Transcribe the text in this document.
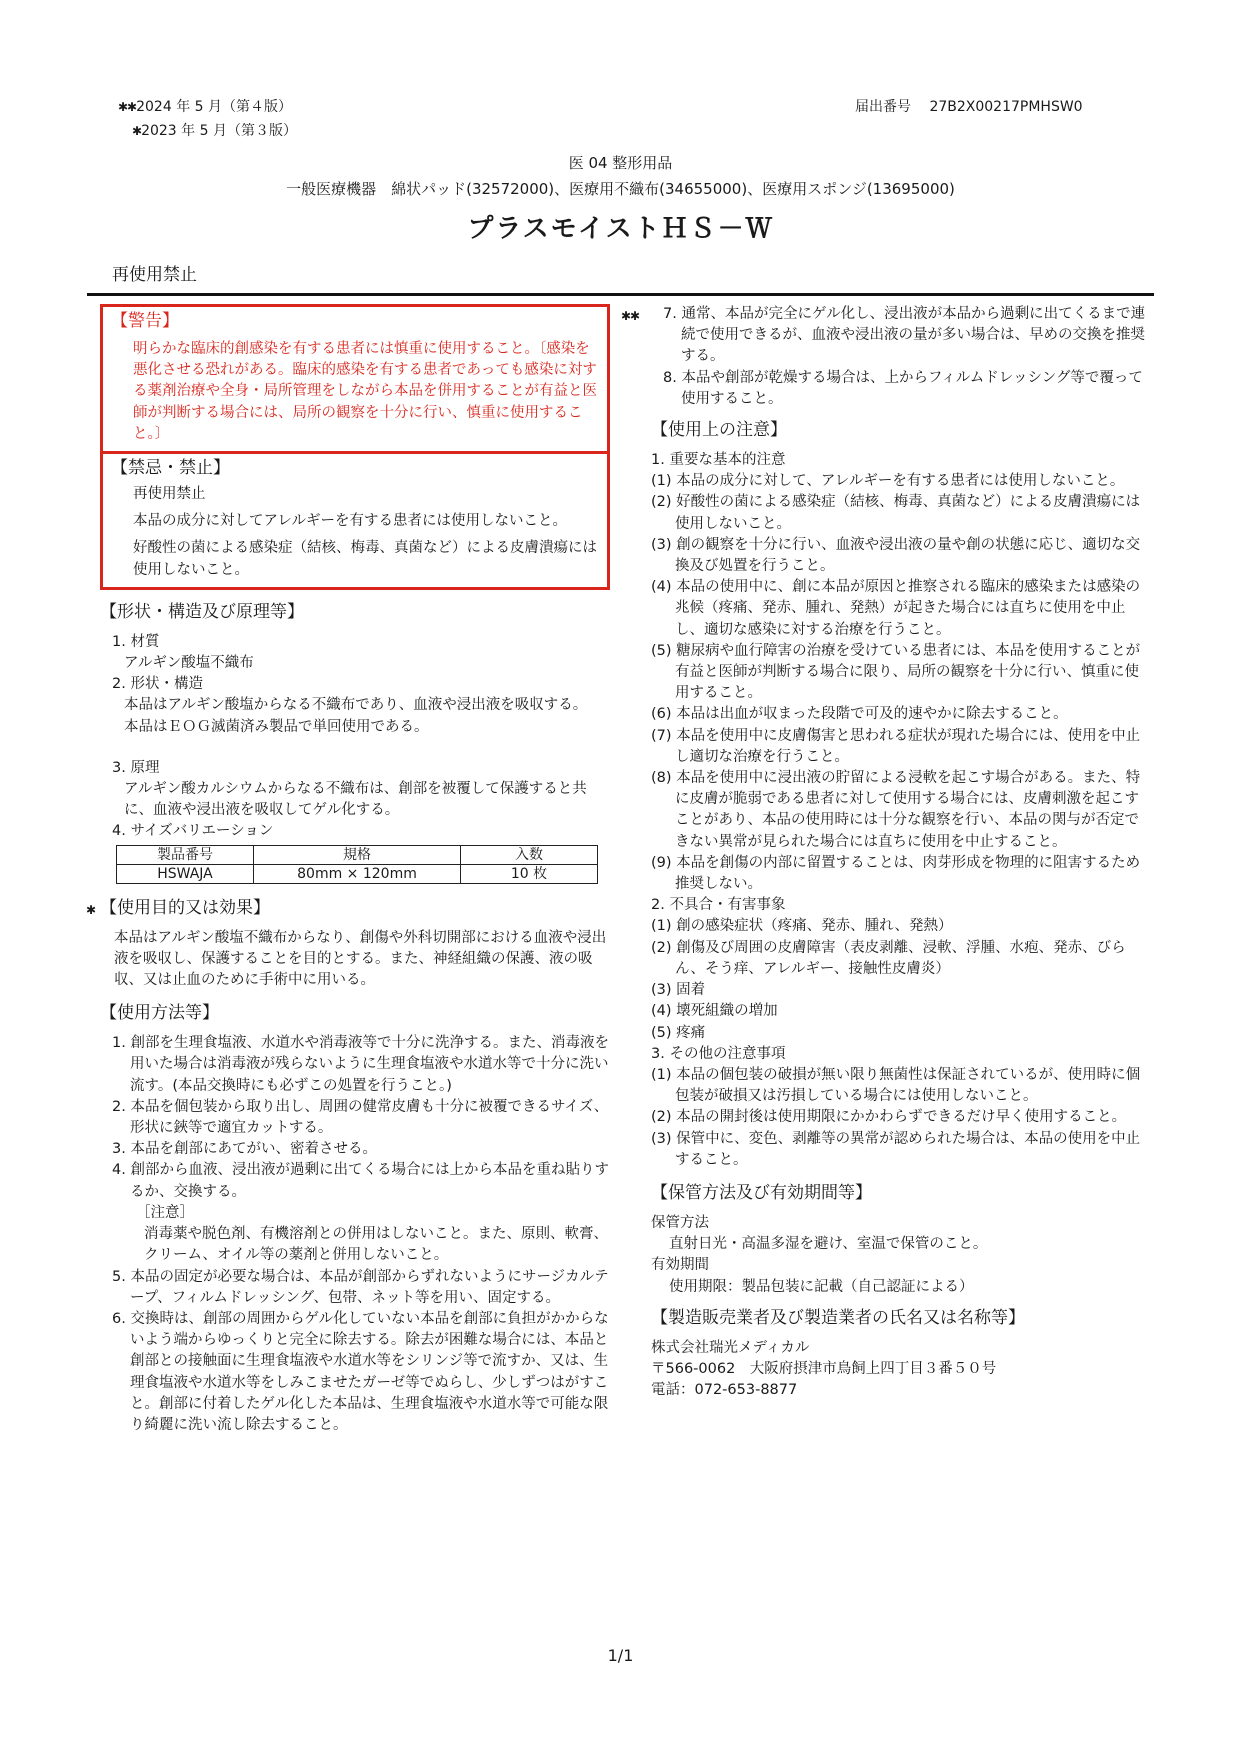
✱✱2024 年 5 月（第４版）
✱2023 年 5 月（第３版）
届出番号　 27B2X00217PMHSW0
医 04 整形用品
一般医療機器　綿状パッド(32572000)、医療用不織布(34655000)、医療用スポンジ(13695000)
プラスモイストＨＳ－Ｗ
再使用禁止
【警告】

明らかな臨床的創感染を有する患者には慎重に使用すること。〔感染を悪化させる恐れがある。臨床的感染を有する患者であっても感染に対する薬剤治療や全身・局所管理をしながら本品を併用することが有益と医師が判断する場合には、局所の観察を十分に行い、慎重に使用すること。〕

【禁忌・禁止】

再使用禁止

本品の成分に対してアレルギーを有する患者には使用しないこと。

好酸性の菌による感染症（結核、梅毒、真菌など）による皮膚潰瘍には使用しないこと。

【形状・構造及び原理等】

1. 材質

アルギン酸塩不織布

2. 形状・構造

本品はアルギン酸塩からなる不織布であり、血液や浸出液を吸収する。

本品はＥＯＧ滅菌済み製品で単回使用である。

3. 原理

アルギン酸カルシウムからなる不織布は、創部を被覆して保護すると共に、血液や浸出液を吸収してゲル化する。

4. サイズバリエーション

製品番号	規格	入数
HSWAJA	80mm × 120mm	10 枚
✱ 【使用目的又は効果】

本品はアルギン酸塩不織布からなり、創傷や外科切開部における血液や浸出液を吸収し、保護することを目的とする。また、神経組織の保護、液の吸収、又は止血のために手術中に用いる。

【使用方法等】

1. 創部を生理食塩液、水道水や消毒液等で十分に洗浄する。また、消毒液を用いた場合は消毒液が残らないように生理食塩液や水道水等で十分に洗い流す。(本品交換時にも必ずこの処置を行うこと。)

2. 本品を個包装から取り出し、周囲の健常皮膚も十分に被覆できるサイズ、形状に鋏等で適宜カットする。

3. 本品を創部にあてがい、密着させる。

4. 創部から血液、浸出液が過剰に出てくる場合には上から本品を重ね貼りするか、交換する。

［注意］

消毒薬や脱色剤、有機溶剤との併用はしないこと。また、原則、軟膏、クリーム、オイル等の薬剤と併用しないこと。

5. 本品の固定が必要な場合は、本品が創部からずれないようにサージカルテープ、フィルムドレッシング、包帯、ネット等を用い、固定する。

6. 交換時は、創部の周囲からゲル化していない本品を創部に負担がかからないよう端からゆっくりと完全に除去する。除去が困難な場合には、本品と創部との接触面に生理食塩液や水道水等をシリンジ等で流すか、又は、生理食塩液や水道水等をしみこませたガーゼ等でぬらし、少しずつはがすこと。創部に付着したゲル化した本品は、生理食塩液や水道水等で可能な限り綺麗に洗い流し除去すること。

✱✱ 7. 通常、本品が完全にゲル化し、浸出液が本品から過剰に出てくるまで連続で使用できるが、血液や浸出液の量が多い場合は、早めの交換を推奨する。

8. 本品や創部が乾燥する場合は、上からフィルムドレッシング等で覆って使用すること。

【使用上の注意】

1. 重要な基本的注意

(1) 本品の成分に対して、アレルギーを有する患者には使用しないこと。

(2) 好酸性の菌による感染症（結核、梅毒、真菌など）による皮膚潰瘍には使用しないこと。

(3) 創の観察を十分に行い、血液や浸出液の量や創の状態に応じ、適切な交換及び処置を行うこと。

(4) 本品の使用中に、創に本品が原因と推察される臨床的感染または感染の兆候（疼痛、発赤、腫れ、発熱）が起きた場合には直ちに使用を中止し、適切な感染に対する治療を行うこと。

(5) 糖尿病や血行障害の治療を受けている患者には、本品を使用することが有益と医師が判断する場合に限り、局所の観察を十分に行い、慎重に使用すること。

(6) 本品は出血が収まった段階で可及的速やかに除去すること。

(7) 本品を使用中に皮膚傷害と思われる症状が現れた場合には、使用を中止し適切な治療を行うこと。

(8) 本品を使用中に浸出液の貯留による浸軟を起こす場合がある。また、特に皮膚が脆弱である患者に対して使用する場合には、皮膚刺激を起こすことがあり、本品の使用時には十分な観察を行い、本品の関与が否定できない異常が見られた場合には直ちに使用を中止すること。

(9) 本品を創傷の内部に留置することは、肉芽形成を物理的に阻害するため推奨しない。

2. 不具合・有害事象

(1) 創の感染症状（疼痛、発赤、腫れ、発熱）

(2) 創傷及び周囲の皮膚障害（表皮剥離、浸軟、浮腫、水疱、発赤、びらん、そう痒、アレルギー、接触性皮膚炎）

(3) 固着

(4) 壊死組織の増加

(5) 疼痛

3. その他の注意事項

(1) 本品の個包装の破損が無い限り無菌性は保証されているが、使用時に個包装が破損又は汚損している場合には使用しないこと。

(2) 本品の開封後は使用期限にかかわらずできるだけ早く使用すること。

(3) 保管中に、変色、剥離等の異常が認められた場合は、本品の使用を中止すること。

【保管方法及び有効期間等】

保管方法

直射日光・高温多湿を避け、室温で保管のこと。

有効期間

使用期限：製品包装に記載（自己認証による）

【製造販売業者及び製造業者の氏名又は名称等】

株式会社瑞光メディカル

〒566-0062　大阪府摂津市鳥飼上四丁目３番５０号

電話：072-653-8877

1/1
